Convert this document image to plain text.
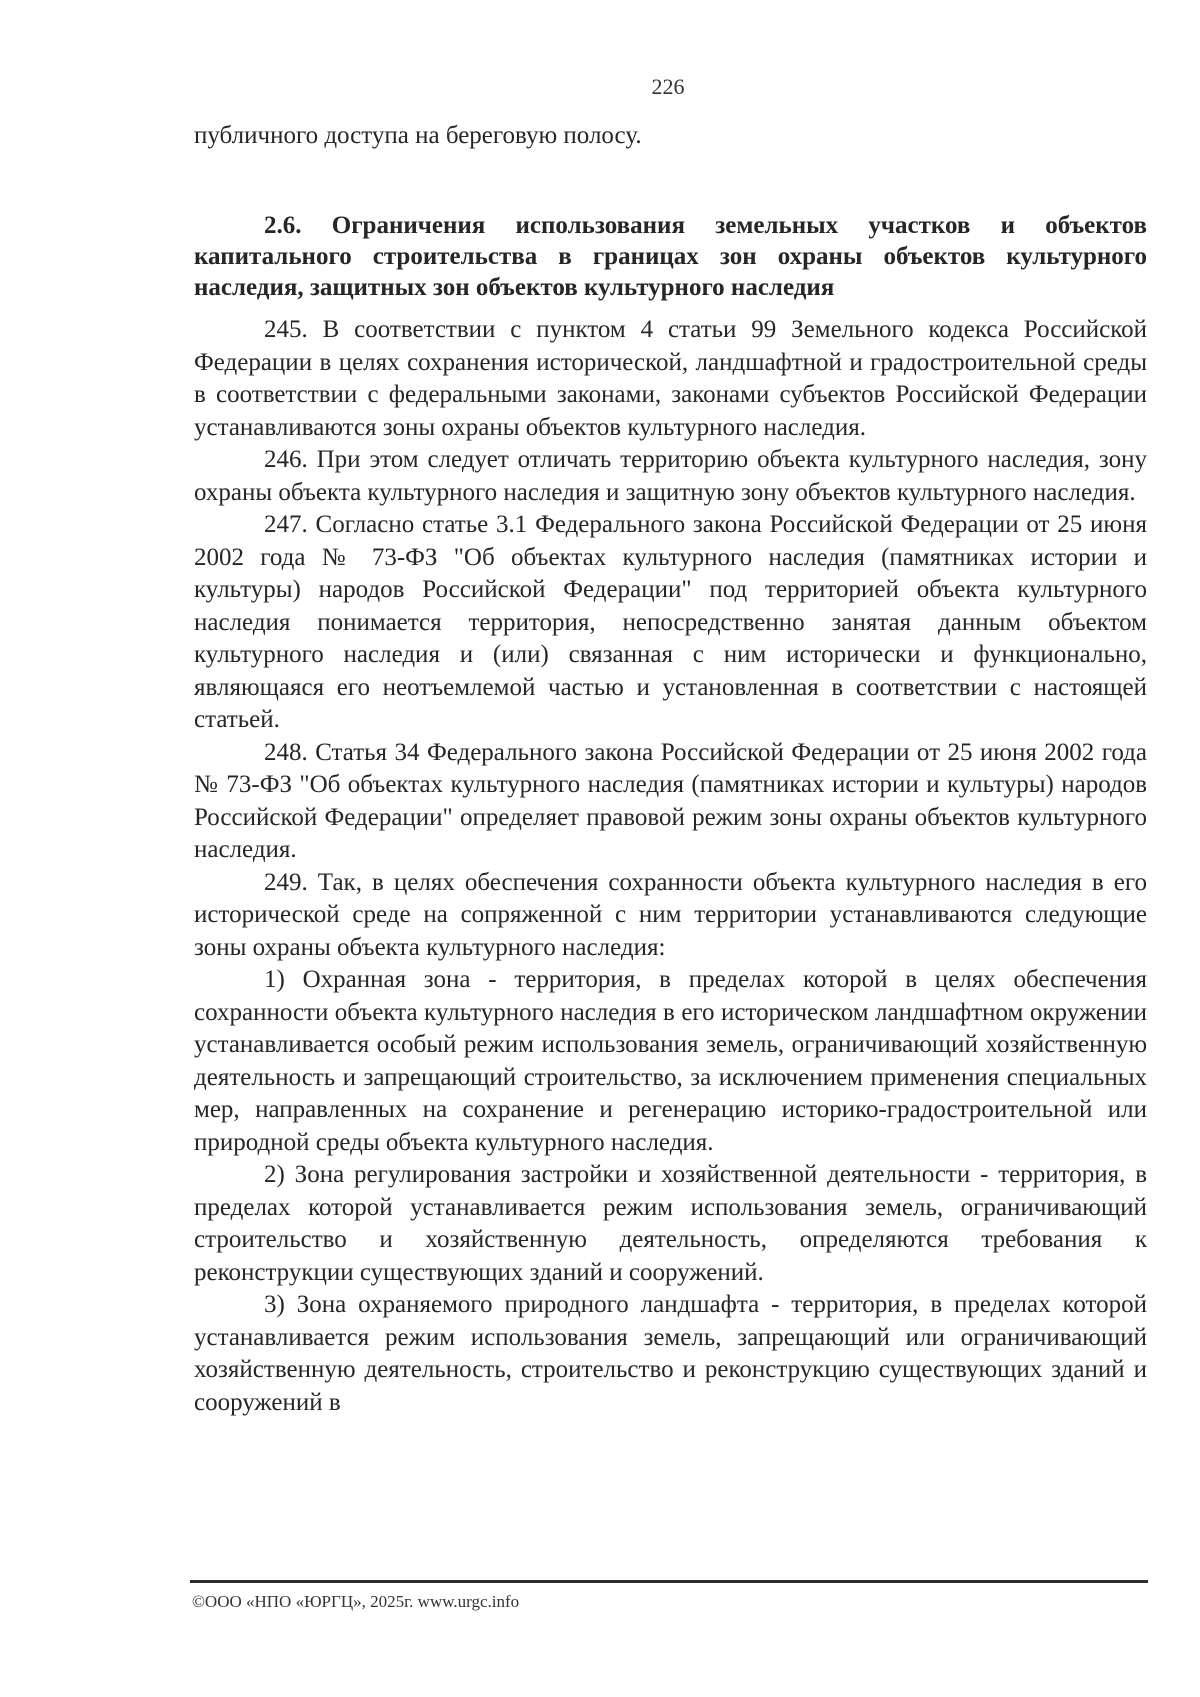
226
публичного доступа на береговую полосу.
2.6. Ограничения использования земельных участков и объектов капитального строительства в границах зон охраны объектов культурного наследия, защитных зон объектов культурного наследия

245. В соответствии с пунктом 4 статьи 99 Земельного кодекса Российской Федерации в целях сохранения исторической, ландшафтной и градостроительной среды в соответствии с федеральными законами, законами субъектов Российской Федерации устанавливаются зоны охраны объектов культурного наследия.

246. При этом следует отличать территорию объекта культурного наследия, зону охраны объекта культурного наследия и защитную зону объектов культурного наследия.

247. Согласно статье 3.1 Федерального закона Российской Федерации от 25 июня 2002 года № 73-ФЗ "Об объектах культурного наследия (памятниках истории и культуры) народов Российской Федерации" под территорией объекта культурного наследия понимается территория, непосредственно занятая данным объектом культурного наследия и (или) связанная с ним исторически и функционально, являющаяся его неотъемлемой частью и установленная в соответствии с настоящей статьей.

248. Статья 34 Федерального закона Российской Федерации от 25 июня 2002 года № 73-ФЗ "Об объектах культурного наследия (памятниках истории и культуры) народов Российской Федерации" определяет правовой режим зоны охраны объектов культурного наследия.

249. Так, в целях обеспечения сохранности объекта культурного наследия в его исторической среде на сопряженной с ним территории устанавливаются следующие зоны охраны объекта культурного наследия:

1) Охранная зона - территория, в пределах которой в целях обеспечения сохранности объекта культурного наследия в его историческом ландшафтном окружении устанавливается особый режим использования земель, ограничивающий хозяйственную деятельность и запрещающий строительство, за исключением применения специальных мер, направленных на сохранение и регенерацию историко-градостроительной или природной среды объекта культурного наследия.

2) Зона регулирования застройки и хозяйственной деятельности - территория, в пределах которой устанавливается режим использования земель, ограничивающий строительство и хозяйственную деятельность, определяются требования к реконструкции существующих зданий и сооружений.

3) Зона охраняемого природного ландшафта - территория, в пределах которой устанавливается режим использования земель, запрещающий или ограничивающий хозяйственную деятельность, строительство и реконструкцию существующих зданий и сооружений в

©ООО «НПО «ЮРГЦ», 2025г. www.urgc.info
